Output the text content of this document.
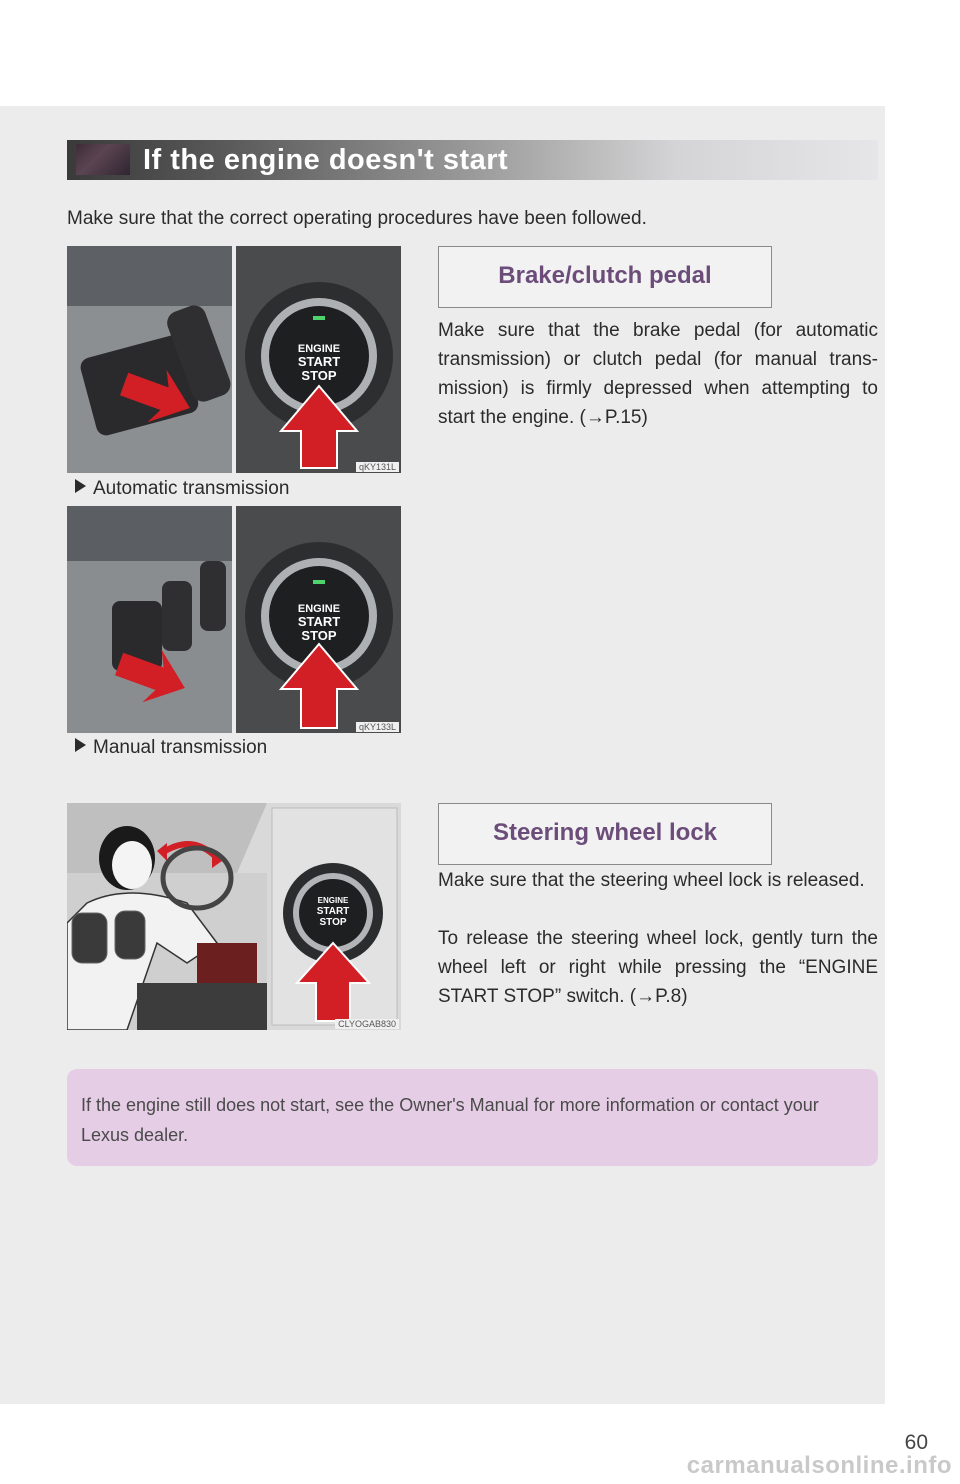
If the engine doesn't start
Make sure that the correct operating procedures have been followed.
ENGINE
START
STOP
qKY131L
Automatic transmission
ENGINE
START
STOP
qKY133L
Manual transmission
Brake/clutch pedal

Make sure that the brake pedal (for automatic transmission) or clutch pedal (for manual trans-mission) is firmly depressed when attempting to start the engine. (→P.15)

ENGINE
START
STOP
CLYOGAB830
Steering wheel lock

Make sure that the steering wheel lock is released.

To release the steering wheel lock, gently turn the wheel left or right while pressing the “ENGINE START STOP” switch. (→P.8)

If the engine still does not start, see the Owner's Manual for more information or contact your Lexus dealer.
60
carmanualsonline.info
